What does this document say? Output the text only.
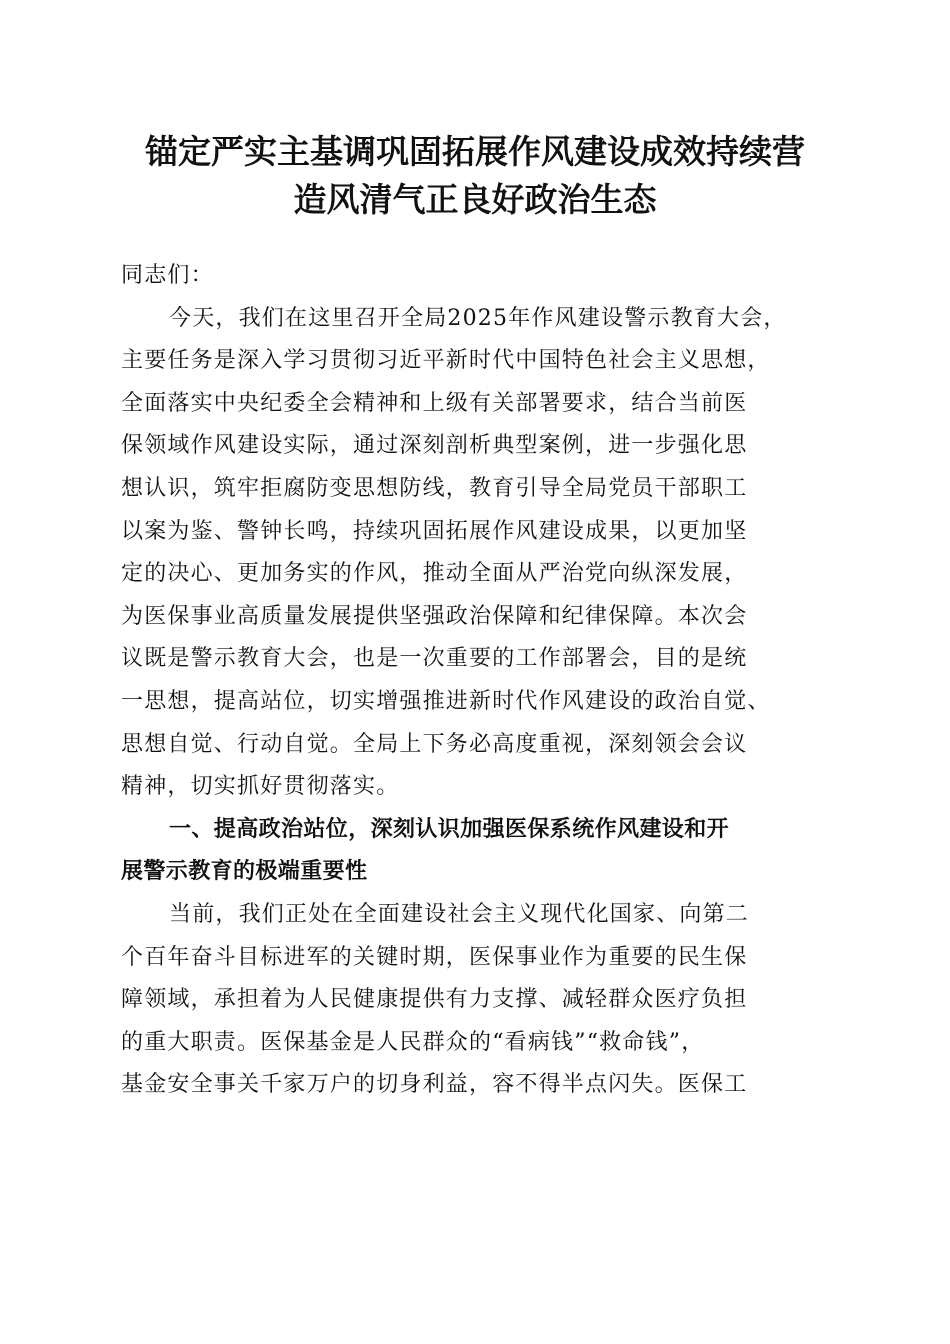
锚定严实主基调巩固拓展作风建设成效持续营
造风清气正良好政治生态
同志们：
今天，我们在这里召开全局2025年作风建设警示教育大会，
主要任务是深入学习贯彻习近平新时代中国特色社会主义思想，
全面落实中央纪委全会精神和上级有关部署要求，结合当前医
保领域作风建设实际，通过深刻剖析典型案例，进一步强化思
想认识，筑牢拒腐防变思想防线，教育引导全局党员干部职工
以案为鉴、警钟长鸣，持续巩固拓展作风建设成果，以更加坚
定的决心、更加务实的作风，推动全面从严治党向纵深发展，
为医保事业高质量发展提供坚强政治保障和纪律保障。本次会
议既是警示教育大会，也是一次重要的工作部署会，目的是统
一思想，提高站位，切实增强推进新时代作风建设的政治自觉、
思想自觉、行动自觉。全局上下务必高度重视，深刻领会会议
精神，切实抓好贯彻落实。
一、提高政治站位，深刻认识加强医保系统作风建设和开
展警示教育的极端重要性
当前，我们正处在全面建设社会主义现代化国家、向第二
个百年奋斗目标进军的关键时期，医保事业作为重要的民生保
障领域，承担着为人民健康提供有力支撑、减轻群众医疗负担
的重大职责。医保基金是人民群众的“看病钱”“救命钱”，
基金安全事关千家万户的切身利益，容不得半点闪失。医保工
